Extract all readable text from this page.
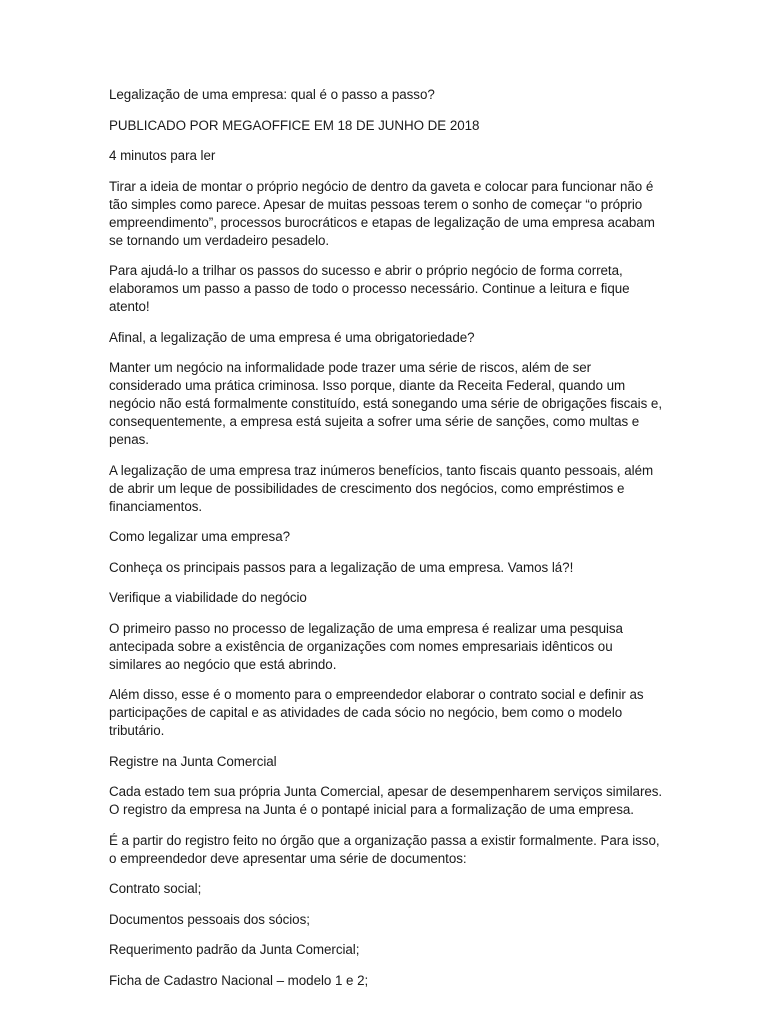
Legalização de uma empresa: qual é o passo a passo?

PUBLICADO POR MEGAOFFICE EM 18 DE JUNHO DE 2018

4 minutos para ler

Tirar a ideia de montar o próprio negócio de dentro da gaveta e colocar para funcionar não é tão simples como parece. Apesar de muitas pessoas terem o sonho de começar “o próprio empreendimento”, processos burocráticos e etapas de legalização de uma empresa acabam se tornando um verdadeiro pesadelo.

Para ajudá-lo a trilhar os passos do sucesso e abrir o próprio negócio de forma correta, elaboramos um passo a passo de todo o processo necessário. Continue a leitura e fique atento!

Afinal, a legalização de uma empresa é uma obrigatoriedade?

Manter um negócio na informalidade pode trazer uma série de riscos, além de ser considerado uma prática criminosa. Isso porque, diante da Receita Federal, quando um negócio não está formalmente constituído, está sonegando uma série de obrigações fiscais e, consequentemente, a empresa está sujeita a sofrer uma série de sanções, como multas e penas.

A legalização de uma empresa traz inúmeros benefícios, tanto fiscais quanto pessoais, além de abrir um leque de possibilidades de crescimento dos negócios, como empréstimos e financiamentos.

Como legalizar uma empresa?

Conheça os principais passos para a legalização de uma empresa. Vamos lá?!

Verifique a viabilidade do negócio

O primeiro passo no processo de legalização de uma empresa é realizar uma pesquisa antecipada sobre a existência de organizações com nomes empresariais idênticos ou similares ao negócio que está abrindo.

Além disso, esse é o momento para o empreendedor elaborar o contrato social e definir as participações de capital e as atividades de cada sócio no negócio, bem como o modelo tributário.

Registre na Junta Comercial

Cada estado tem sua própria Junta Comercial, apesar de desempenharem serviços similares. O registro da empresa na Junta é o pontapé inicial para a formalização de uma empresa.

É a partir do registro feito no órgão que a organização passa a existir formalmente. Para isso, o empreendedor deve apresentar uma série de documentos:

Contrato social;

Documentos pessoais dos sócios;

Requerimento padrão da Junta Comercial;

Ficha de Cadastro Nacional – modelo 1 e 2;
